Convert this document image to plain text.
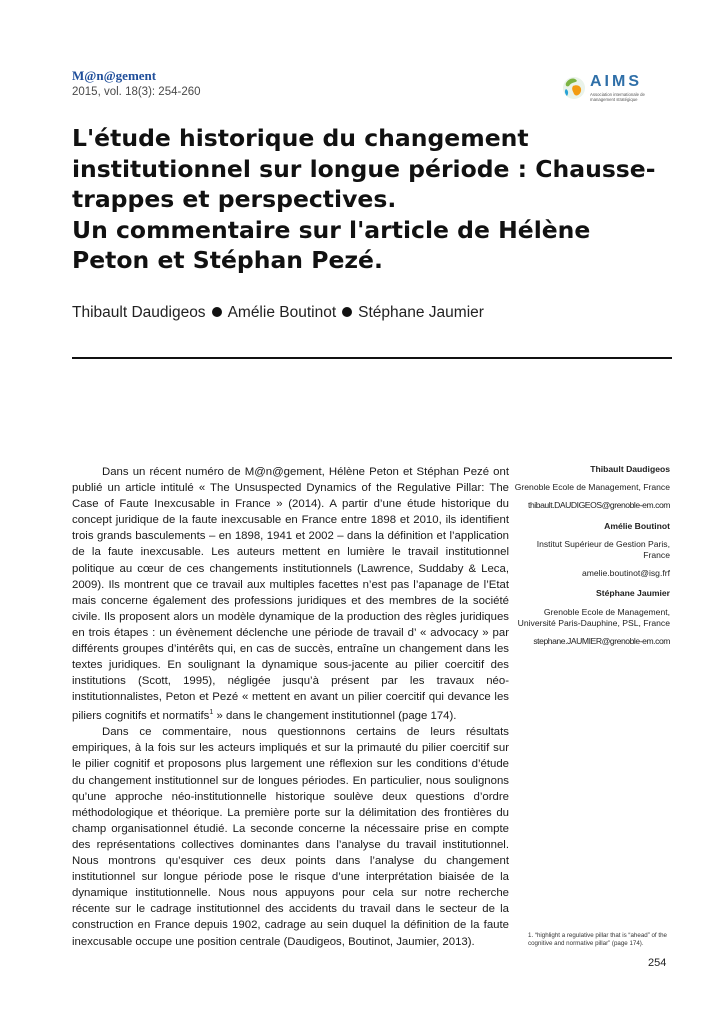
M@n@gement
2015, vol. 18(3): 254-260
AIMS
Association internationale de management stratégique
L'étude historique du changement
institutionnel sur longue période : Chausse-
trappes et perspectives.
Un commentaire sur l'article de Hélène
Peton et Stéphan Pezé.
Thibault Daudigeos Amélie Boutinot Stéphane Jaumier

Dans un récent numéro de M@n@gement, Hélène Peton et Stéphan Pezé ont publié un article intitulé « The Unsuspected Dynamics of the Regulative Pillar: The Case of Faute Inexcusable in France » (2014). A partir d’une étude historique du concept juridique de la faute inexcusable en France entre 1898 et 2010, ils identifient trois grands basculements – en 1898, 1941 et 2002 – dans la définition et l’application de la faute inexcusable. Les auteurs mettent en lumière le travail institutionnel politique au cœur de ces changements institutionnels (Lawrence, Suddaby & Leca, 2009). Ils montrent que ce travail aux multiples facettes n’est pas l’apanage de l’Etat mais concerne également des professions juridiques et des membres de la société civile. Ils proposent alors un modèle dynamique de la production des règles juridiques en trois étapes : un évènement déclenche une période de travail d’ « advocacy » par différents groupes d’intérêts qui, en cas de succès, entraîne un changement dans les textes juridiques. En soulignant la dynamique sous-jacente au pilier coercitif des institutions (Scott, 1995), négligée jusqu’à présent par les travaux néo-institutionnalistes, Peton et Pezé « mettent en avant un pilier coercitif qui devance les piliers cognitifs et normatifs$^1$ » dans le changement institutionnel (page 174).

Dans ce commentaire, nous questionnons certains de leurs résultats empiriques, à la fois sur les acteurs impliqués et sur la primauté du pilier coercitif sur le pilier cognitif et proposons plus largement une réflexion sur les conditions d’étude du changement institutionnel sur de longues périodes. En particulier, nous soulignons qu’une approche néo-institutionnelle historique soulève deux questions d’ordre méthodologique et théorique. La première porte sur la délimitation des frontières du champ organisationnel étudié. La seconde concerne la nécessaire prise en compte des représentations collectives dominantes dans l’analyse du travail institutionnel. Nous montrons qu’esquiver ces deux points dans l’analyse du changement institutionnel sur longue période pose le risque d’une interprétation biaisée de la dynamique institutionnelle. Nous nous appuyons pour cela sur notre recherche récente sur le cadrage institutionnel des accidents du travail dans le secteur de la construction en France depuis 1902, cadrage au sein duquel la définition de la faute inexcusable occupe une position centrale (Daudigeos, Boutinot, Jaumier, 2013).

Thibault Daudigeos
Grenoble Ecole de Management, France
thibault.DAUDIGEOS@grenoble-em.com
Amélie Boutinot
Institut Supérieur de Gestion Paris, France
amelie.boutinot@isg.frf
Stéphane Jaumier
Grenoble Ecole de Management, Université Paris-Dauphine, PSL, France
stephane.JAUMIER@grenoble-em.com
1. “highlight a regulative pillar that is “ahead” of the cognitive and normative pillar” (page 174).
254
